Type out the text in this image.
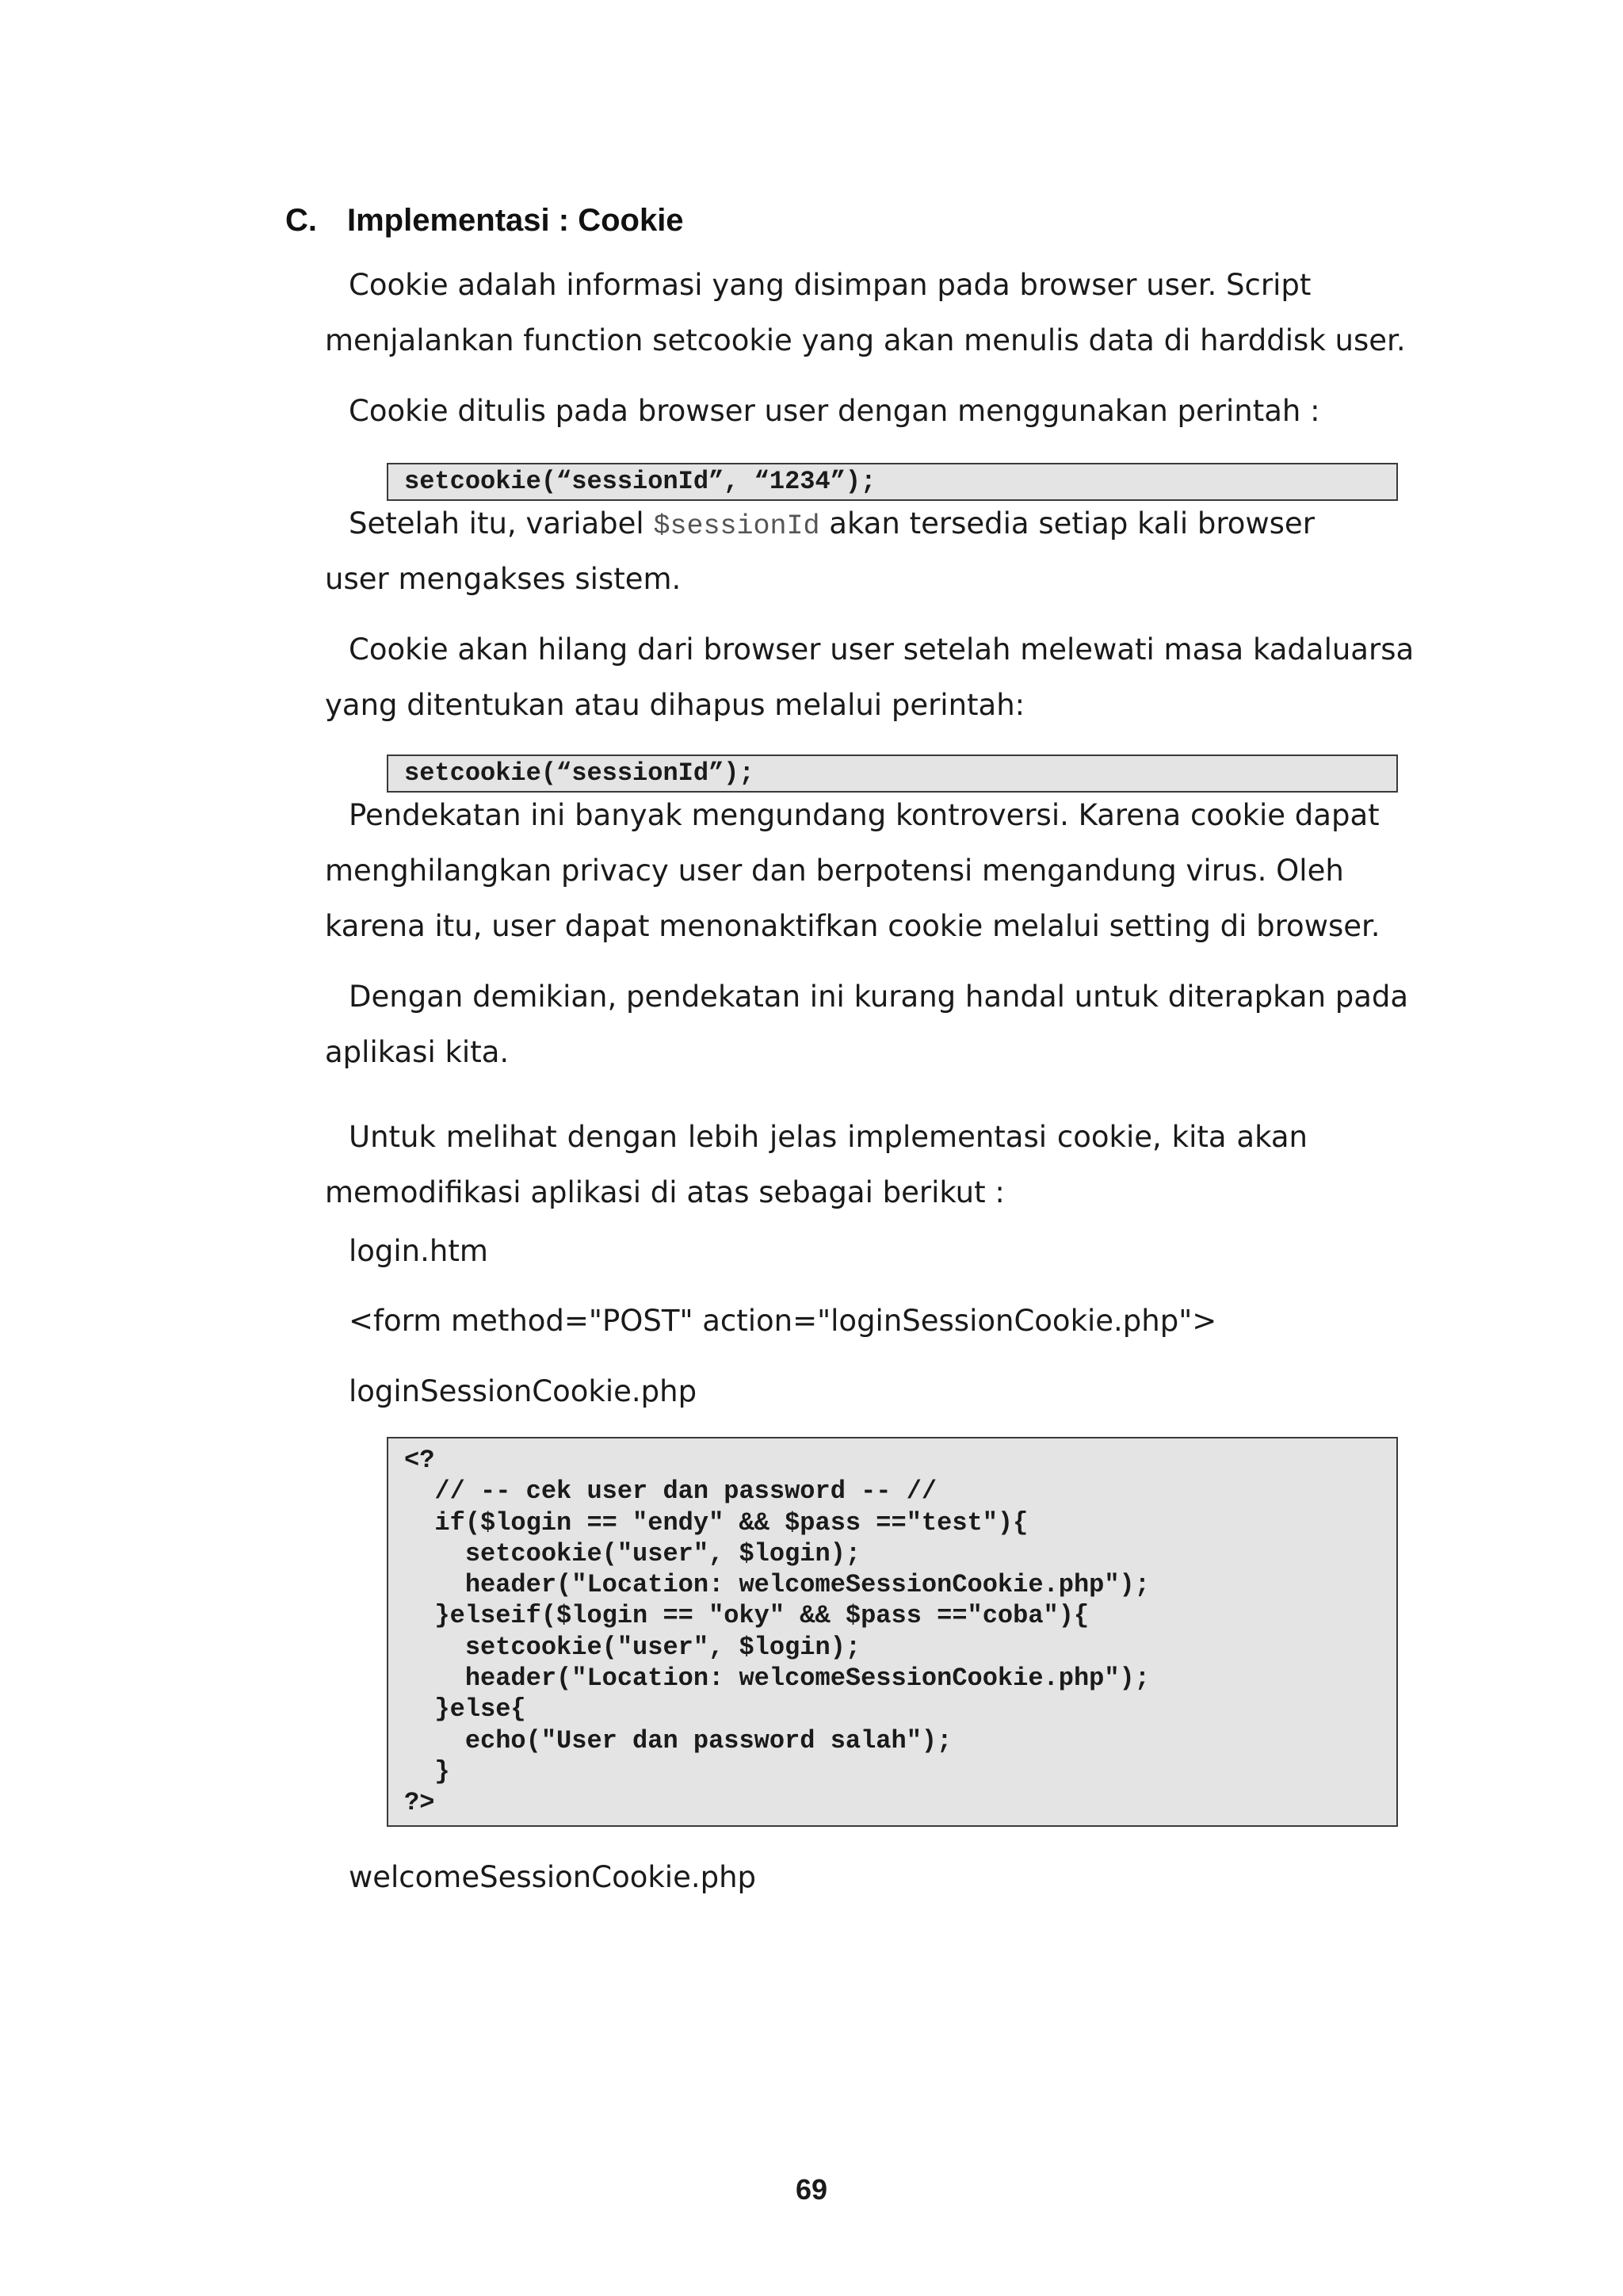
C. Implementasi : Cookie
Cookie adalah informasi yang disimpan pada browser user. Script
menjalankan function setcookie yang akan menulis data di harddisk user.
Cookie ditulis pada browser user dengan menggunakan perintah :
setcookie(“sessionId”, “1234”);
Setelah itu, variabel $sessionId akan tersedia setiap kali browser
user mengakses sistem.
Cookie akan hilang dari browser user setelah melewati masa kadaluarsa
yang ditentukan atau dihapus melalui perintah:
setcookie(“sessionId”);
Pendekatan ini banyak mengundang kontroversi. Karena cookie dapat
menghilangkan privacy user dan berpotensi mengandung virus. Oleh
karena itu, user dapat menonaktifkan cookie melalui setting di browser.
Dengan demikian, pendekatan ini kurang handal untuk diterapkan pada
aplikasi kita.
Untuk melihat dengan lebih jelas implementasi cookie, kita akan
memodifikasi aplikasi di atas sebagai berikut :
login.htm
<form method="POST" action="loginSessionCookie.php">
loginSessionCookie.php
<?
// -- cek user dan password -- //
if($login == "endy" && $pass =="test"){
setcookie("user", $login);
header("Location: welcomeSessionCookie.php");
}elseif($login == "oky" && $pass =="coba"){
setcookie("user", $login);
header("Location: welcomeSessionCookie.php");
}else{
echo("User dan password salah");
}
?>
welcomeSessionCookie.php
69
